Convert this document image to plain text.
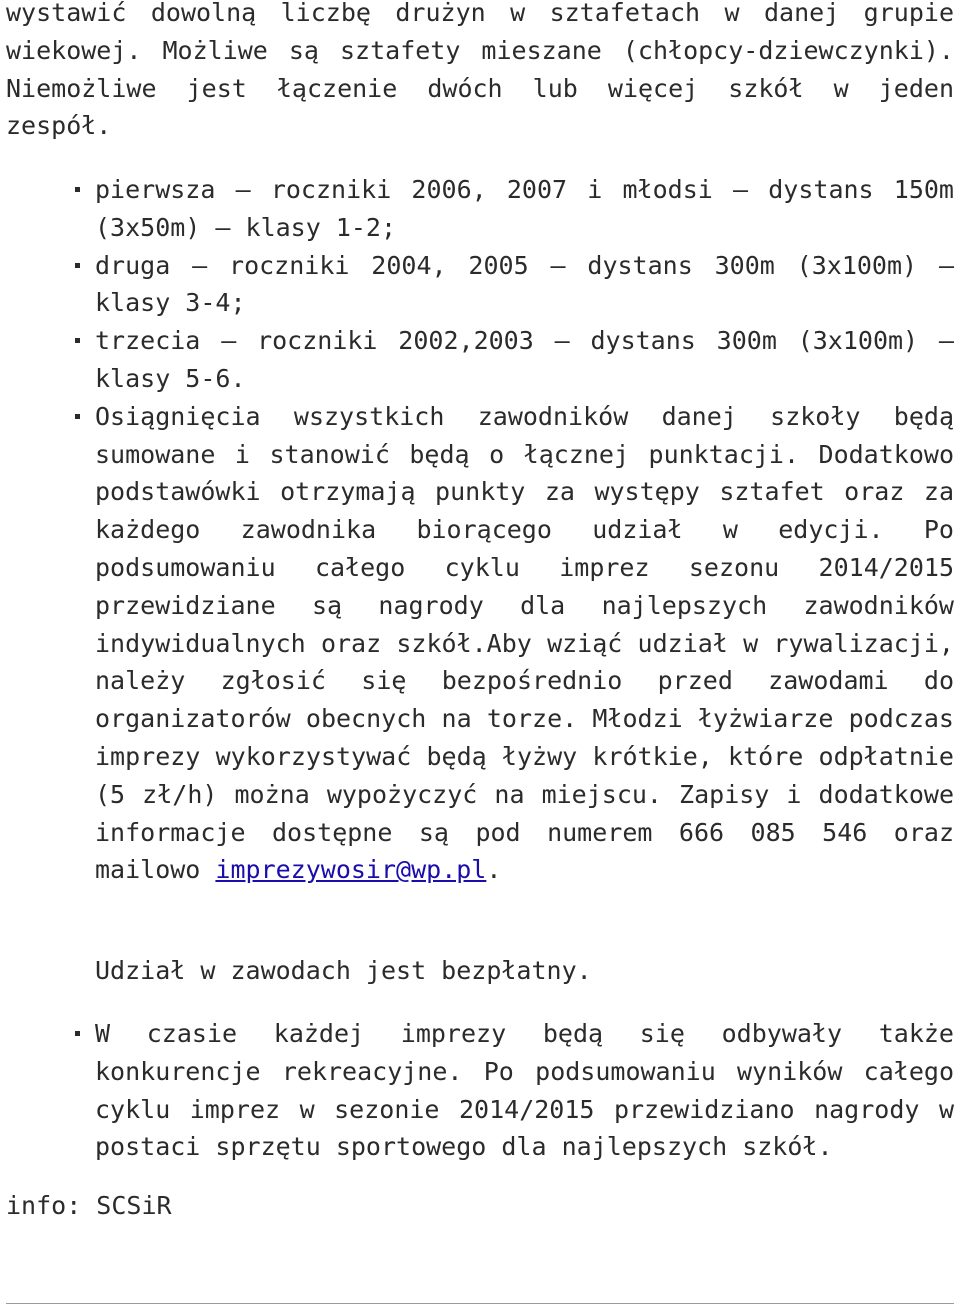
wystawić dowolną liczbę drużyn w sztafetach w danej grupie wiekowej. Możliwe są sztafety mieszane (chłopcy-dziewczynki). Niemożliwe jest łączenie dwóch lub więcej szkół w jeden zespół.

pierwsza – roczniki 2006, 2007 i młodsi – dystans 150m (3x50m) – klasy 1-2;
druga – roczniki 2004, 2005 – dystans 300m (3x100m) – klasy 3-4;
trzecia – roczniki 2002,2003 – dystans 300m (3x100m) – klasy 5-6.
Osiągnięcia wszystkich zawodników danej szkoły będą sumowane i stanowić będą o łącznej punktacji. Dodatkowo podstawówki otrzymają punkty za występy sztafet oraz za każdego zawodnika biorącego udział w edycji. Po podsumowaniu całego cyklu imprez sezonu 2014/2015 przewidziane są nagrody dla najlepszych zawodników indywidualnych oraz szkół.Aby wziąć udział w rywalizacji, należy zgłosić się bezpośrednio przed zawodami do organizatorów obecnych na torze. Młodzi łyżwiarze podczas imprezy wykorzystywać będą łyżwy krótkie, które odpłatnie (5 zł/h) można wypożyczyć na miejscu. Zapisy i dodatkowe informacje dostępne są pod numerem 666 085 546 oraz mailowo imprezywosir@wp.pl.

Udział w zawodach jest bezpłatny.

W czasie każdej imprezy będą się odbywały także konkurencje rekreacyjne. Po podsumowaniu wyników całego cyklu imprez w sezonie 2014/2015 przewidziano nagrody w postaci sprzętu sportowego dla najlepszych szkół.

info: SCSiR
